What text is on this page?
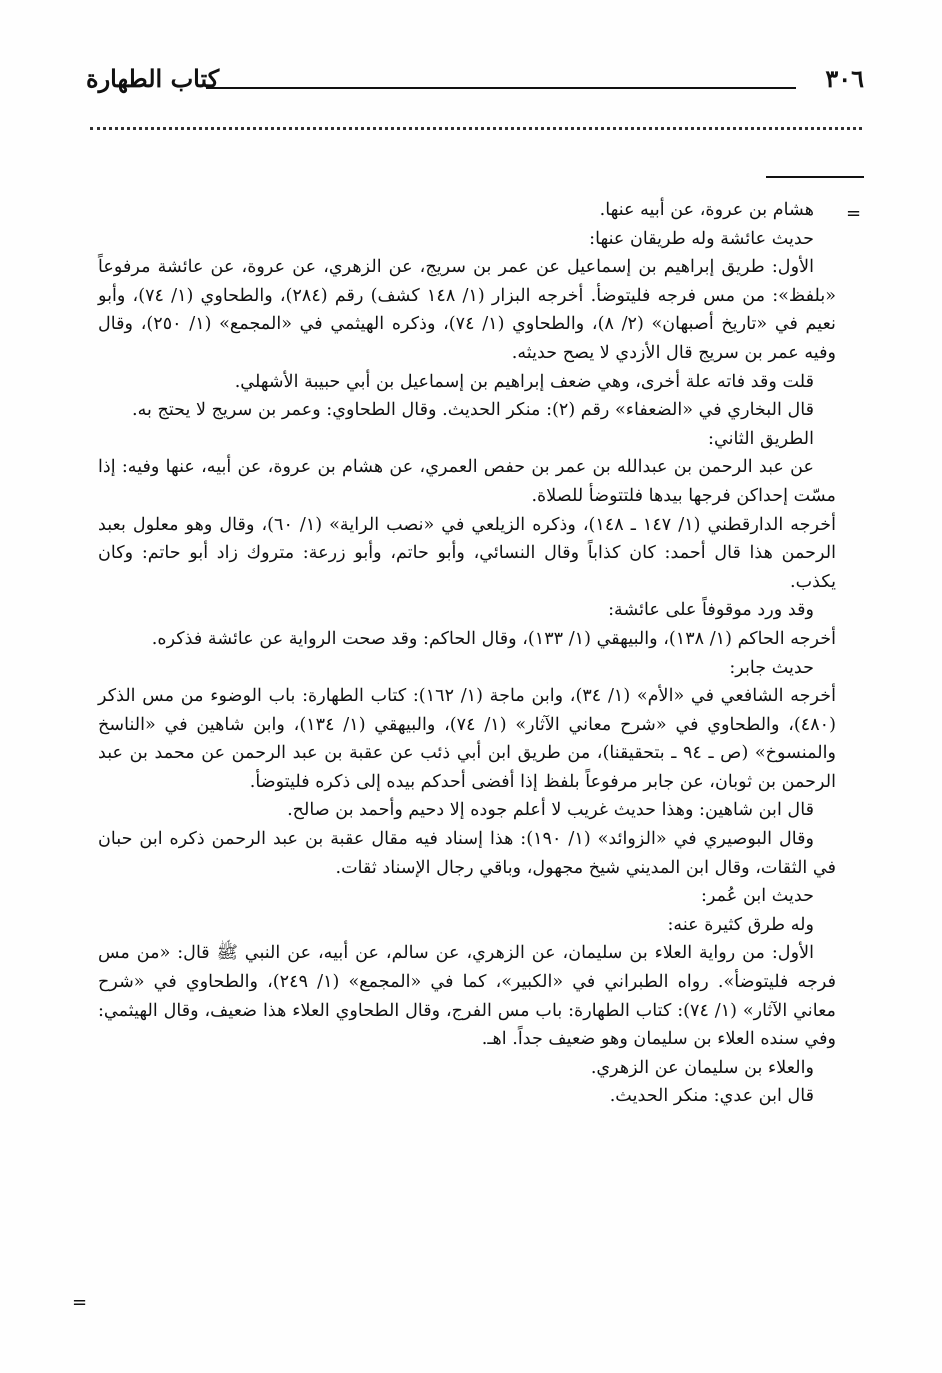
٣٠٦
كتاب الطهارة
=
=

هشام بن عروة، عن أبيه عنها.

حديث عائشة وله طريقان عنها:

الأول: طريق إبراهيم بن إسماعيل عن عمر بن سريج، عن الزهري، عن عروة، عن عائشة مرفوعاً «بلفظ»: من مس فرجه فليتوضأ. أخرجه البزار (١/ ١٤٨ كشف) رقم (٢٨٤)، والطحاوي (١/ ٧٤)، وأبو نعيم في «تاريخ أصبهان» (٢/ ٨)، والطحاوي (١/ ٧٤)، وذكره الهيثمي في «المجمع» (١/ ٢٥٠)، وقال وفيه عمر بن سريج قال الأزدي لا يصح حديثه.

قلت وقد فاته علة أخرى، وهي ضعف إبراهيم بن إسماعيل بن أبي حبيبة الأشهلي.

قال البخاري في «الضعفاء» رقم (٢): منكر الحديث. وقال الطحاوي: وعمر بن سريج لا يحتج به.

الطريق الثاني:

عن عبد الرحمن بن عبدالله بن عمر بن حفص العمري، عن هشام بن عروة، عن أبيه، عنها وفيه: إذا مسّت إحداكن فرجها بيدها فلتتوضأ للصلاة.

أخرجه الدارقطني (١/ ١٤٧ ـ ١٤٨)، وذكره الزيلعي في «نصب الراية» (١/ ٦٠)، وقال وهو معلول بعبد الرحمن هذا قال أحمد: كان كذاباً وقال النسائي، وأبو حاتم، وأبو زرعة: متروك زاد أبو حاتم: وكان يكذب.

وقد ورد موقوفاً على عائشة:

أخرجه الحاكم (١/ ١٣٨)، والبيهقي (١/ ١٣٣)، وقال الحاكم: وقد صحت الرواية عن عائشة فذكره.

حديث جابر:

أخرجه الشافعي في «الأم» (١/ ٣٤)، وابن ماجة (١/ ١٦٢): كتاب الطهارة: باب الوضوء من مس الذكر (٤٨٠)، والطحاوي في «شرح معاني الآثار» (١/ ٧٤)، والبيهقي (١/ ١٣٤)، وابن شاهين في «الناسخ والمنسوخ» (ص ـ ٩٤ ـ بتحقيقنا)، من طريق ابن أبي ذئب عن عقبة بن عبد الرحمن عن محمد بن عبد الرحمن بن ثوبان، عن جابر مرفوعاً بلفظ إذا أفضى أحدكم بيده إلى ذكره فليتوضأ.

قال ابن شاهين: وهذا حديث غريب لا أعلم جوده إلا دحيم وأحمد بن صالح.

وقال البوصيري في «الزوائد» (١/ ١٩٠): هذا إسناد فيه مقال عقبة بن عبد الرحمن ذكره ابن حبان في الثقات، وقال ابن المديني شيخ مجهول، وباقي رجال الإسناد ثقات.

حديث ابن عُمر:

وله طرق كثيرة عنه:

الأول: من رواية العلاء بن سليمان، عن الزهري، عن سالم، عن أبيه، عن النبي ﷺ قال: «من مس فرجه فليتوضأ». رواه الطبراني في «الكبير»، كما في «المجمع» (١/ ٢٤٩)، والطحاوي في «شرح معاني الآثار» (١/ ٧٤): كتاب الطهارة: باب مس الفرج، وقال الطحاوي العلاء هذا ضعيف، وقال الهيثمي: وفي سنده العلاء بن سليمان وهو ضعيف جداً. اهـ.

والعلاء بن سليمان عن الزهري.

قال ابن عدي: منكر الحديث.
